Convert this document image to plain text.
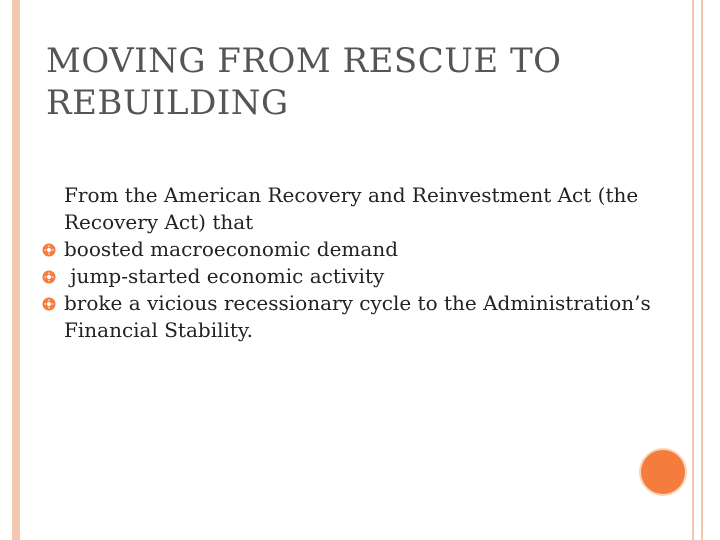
MOVING FROM RESCUE TO REBUILDING
From the American Recovery and Reinvestment Act (the Recovery Act) that
boosted macroeconomic demand
jump-started economic activity
broke a vicious recessionary cycle to the Administration’s Financial Stability.
